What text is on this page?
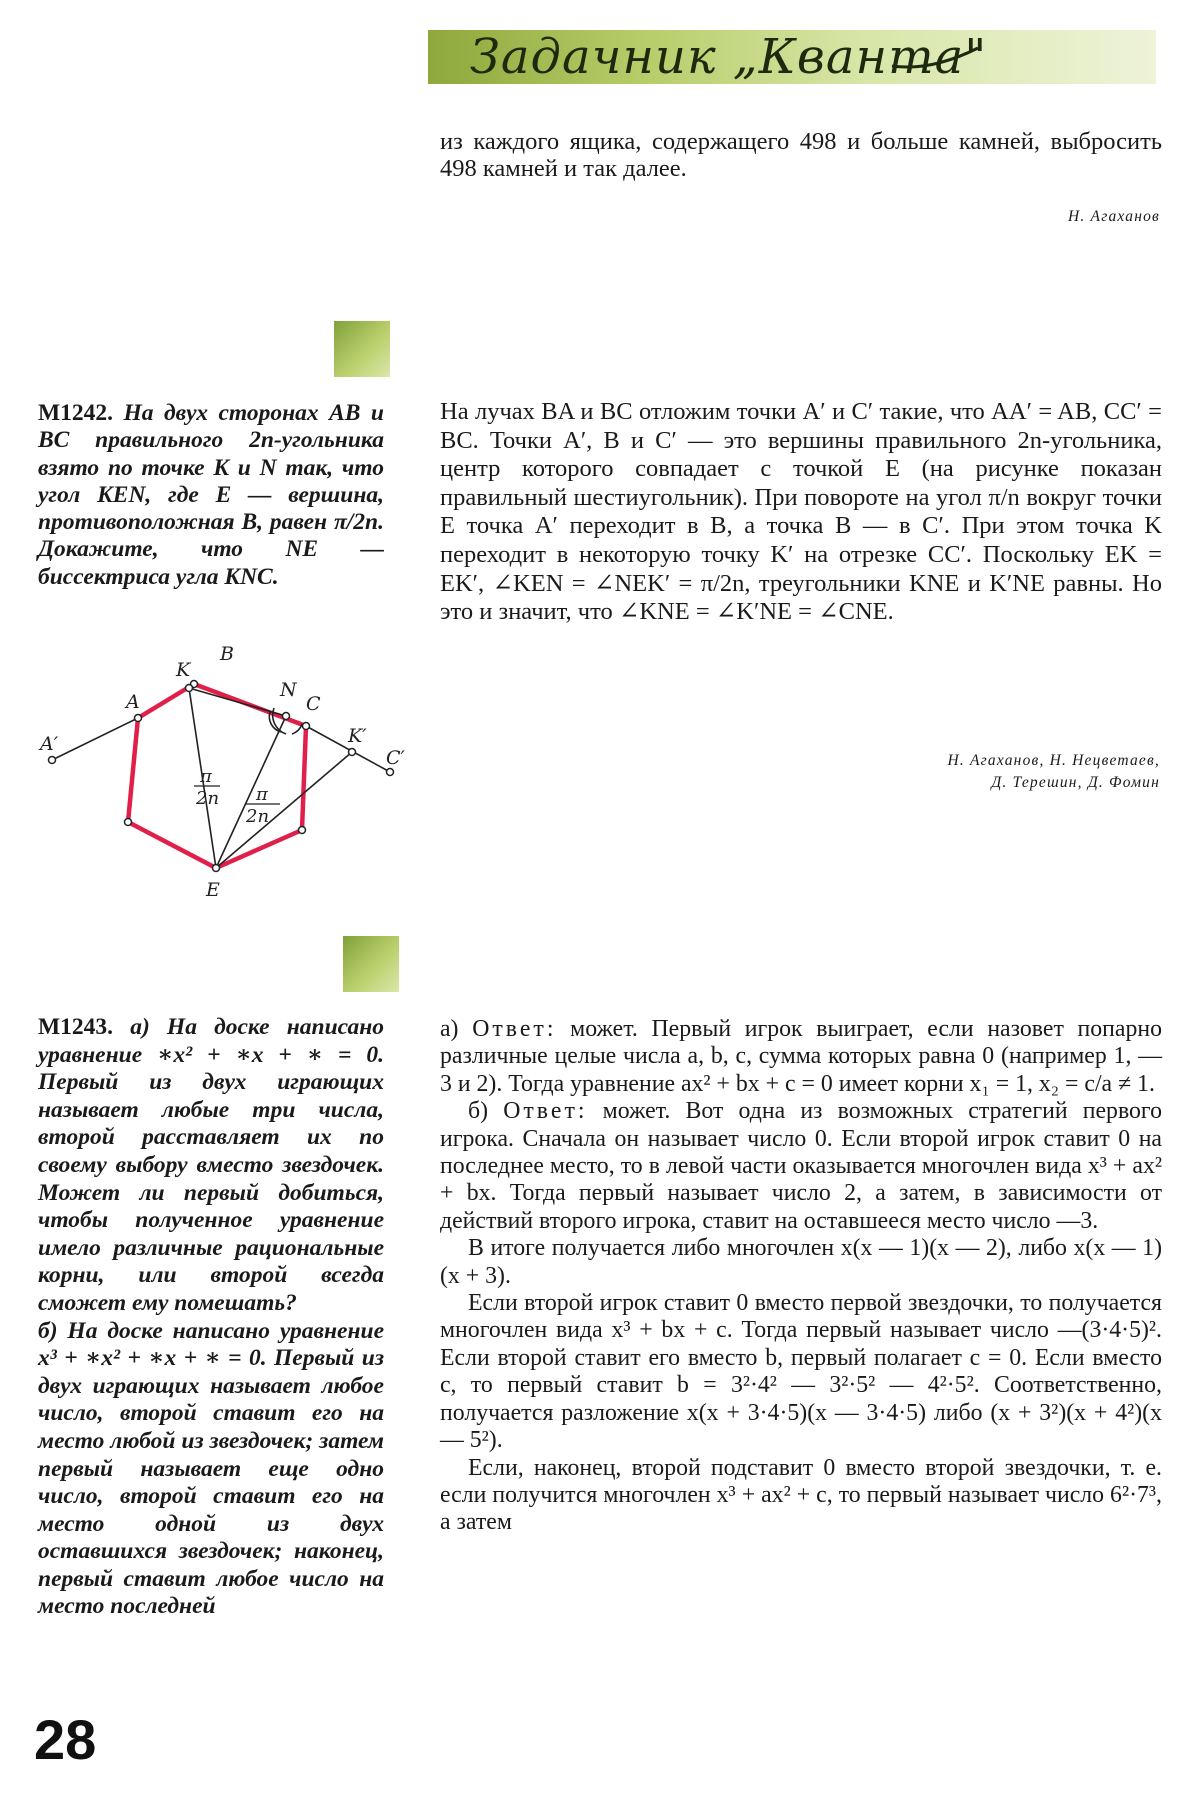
Задачник „Кванта"

из каждого ящика, содержащего 498 и больше камней, выбросить 498 камней и так далее.

Н. Агаханов
M1242. На двух сторонах AB и BC правильного 2n-угольника взято по точке K и N так, что угол KEN, где E — вершина, противоположная B, равен π/2n. Докажите, что NE — биссектриса угла KNC.

На лучах BA и BC отложим точки A′ и C′ такие, что AA′ = AB, CC′ = BC. Точки A′, B и C′ — это вершины правильного 2n-угольника, центр которого совпадает с точкой E (на рисунке показан правильный шестиугольник). При повороте на угол π/n вокруг точки E точка A′ переходит в B, а точка B — в C′. При этом точка K переходит в некоторую точку K′ на отрезке CC′. Поскольку EK = EK′, ∠KEN = ∠NEK′ = π/2n, треугольники KNE и K′NE равны. Но это и значит, что ∠KNE = ∠K′NE = ∠CNE.

Н. Агаханов, Н. Нецветаев,
Д. Терешин, Д. Фомин
A′
A
K
B
N
C
K′
C′
E
π
2n π
2n

M1243. а) На доске написано уравнение ∗x² + ∗x + ∗ = 0. Первый из двух играющих называет любые три числа, второй расставляет их по своему выбору вместо звездочек. Может ли первый добиться, чтобы полученное уравнение имело различные рациональные корни, или второй всегда сможет ему помешать?

б) На доске написано уравнение x³ + ∗x² + ∗x + ∗ = 0. Первый из двух играющих называет любое число, второй ставит его на место любой из звездочек; затем первый называет еще одно число, второй ставит его на место одной из двух оставшихся звездочек; наконец, первый ставит любое число на место последней

а) Ответ: может. Первый игрок выиграет, если назовет попарно различные целые числа a, b, c, сумма которых равна 0 (например 1, —3 и 2). Тогда уравнение ax² + bx + c = 0 имеет корни x₁ = 1, x₂ = c/a ≠ 1.

б) Ответ: может. Вот одна из возможных стратегий первого игрока. Сначала он называет число 0. Если второй игрок ставит 0 на последнее место, то в левой части оказывается многочлен вида x³ + ax² + bx. Тогда первый называет число 2, а затем, в зависимости от действий второго игрока, ставит на оставшееся место число —3.

В итоге получается либо многочлен x(x — 1)(x — 2), либо x(x — 1)(x + 3).

Если второй игрок ставит 0 вместо первой звездочки, то получается многочлен вида x³ + bx + c. Тогда первый называет число —(3·4·5)². Если второй ставит его вместо b, первый полагает c = 0. Если вместо c, то первый ставит b = 3²·4² — 3²·5² — 4²·5². Соответственно, получается разложение x(x + 3·4·5)(x — 3·4·5) либо (x + 3²)(x + 4²)(x — 5²).

Если, наконец, второй подставит 0 вместо второй звездочки, т. е. если получится многочлен x³ + ax² + c, то первый называет число 6²·7³, а затем

28
